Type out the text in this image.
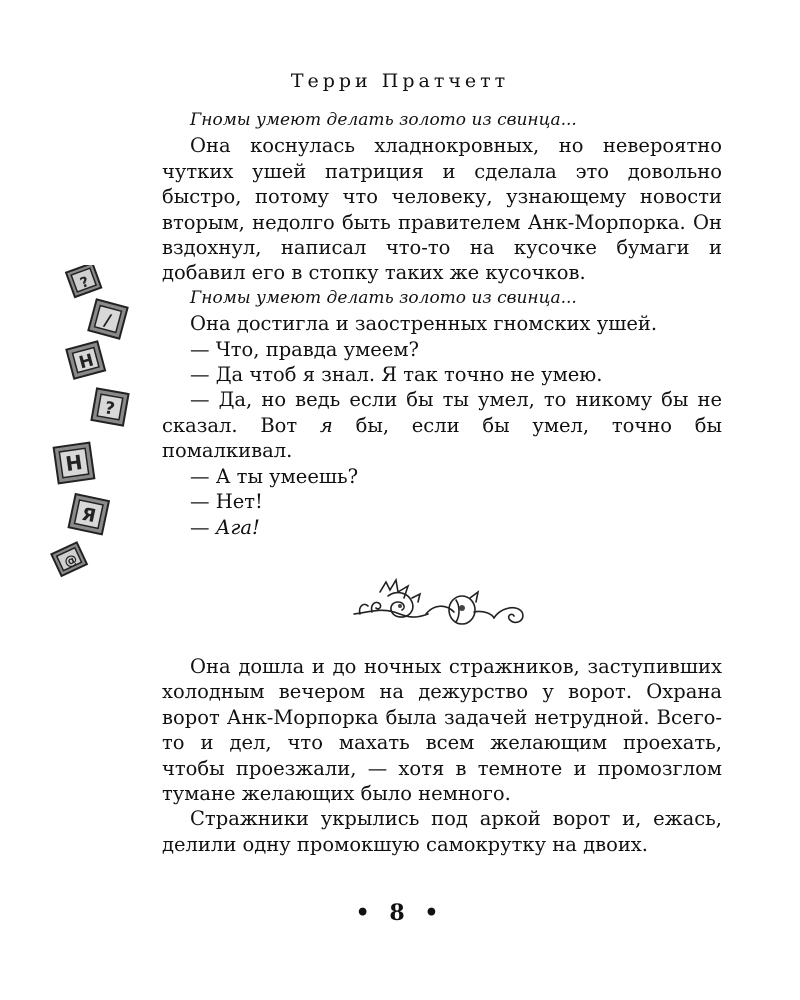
Терри Пратчетт

Гномы умеют делать золото из свинца...

Она коснулась хладнокровных, но невероятно чутких ушей патриция и сделала это довольно быстро, потому что человеку, узнающему новости вторым, недолго быть правителем Анк-Морпорка. Он вздохнул, написал что-то на кусочке бумаги и добавил его в стопку таких же кусочков.

Гномы умеют делать золото из свинца...

Она достигла и заостренных гномских ушей.

— Что, правда умеем?

— Да чтоб я знал. Я так точно не умею.

— Да, но ведь если бы ты умел, то никому бы не сказал. Вот я бы, если бы умел, точно бы помалкивал.

— А ты умеешь?

— Нет!

— Ага!

?
/
Н
?
Н
Я
@

Она дошла и до ночных стражников, заступивших холодным вечером на дежурство у ворот. Охрана ворот Анк-Морпорка была задачей нетрудной. Всего-то и дел, что махать всем желающим проехать, чтобы проезжали, — хотя в темноте и промозглом тумане желающих было немного.

Стражники укрылись под аркой ворот и, ежась, делили одну промокшую самокрутку на двоих.

• 8 •
